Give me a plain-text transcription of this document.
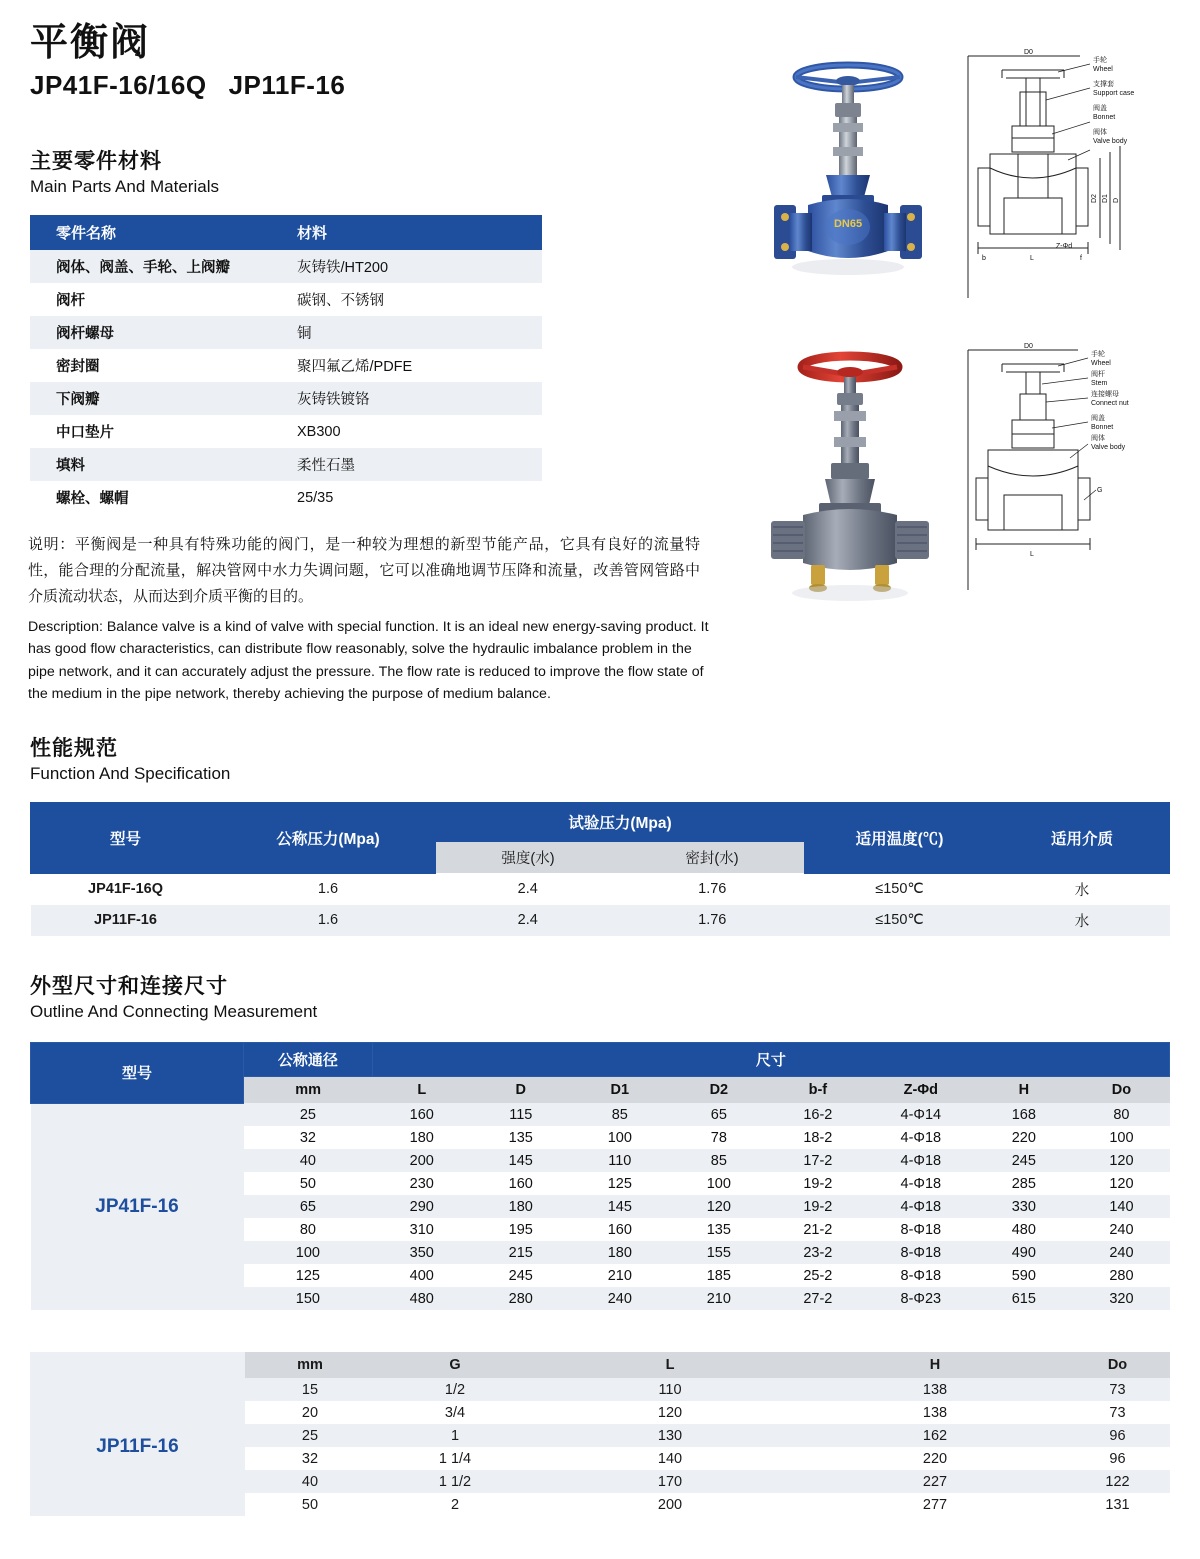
平衡阀
JP41F-16/16Q JP11F-16
主要零件材料
Main Parts And Materials
零件名称	材料
阀体、阀盖、手轮、上阀瓣	灰铸铁/HT200
阀杆	碳钢、不锈钢
阀杆螺母	铜
密封圈	聚四氟乙烯/PDFE
下阀瓣	灰铸铁镀铬
中口垫片	XB300
填料	柔性石墨
螺栓、螺帽	25/35
说明：平衡阀是一种具有特殊功能的阀门，是一种较为理想的新型节能产品，它具有良好的流量特性，能合理的分配流量，解决管网中水力失调问题，它可以准确地调节压降和流量，改善管网管路中介质流动状态，从而达到介质平衡的目的。
Description: Balance valve is a kind of valve with special function. It is an ideal new energy-saving product. It has good flow characteristics, can distribute flow reasonably, solve the hydraulic imbalance problem in the pipe network, and it can accurately adjust the pressure. The flow rate is reduced to improve the flow state of the medium in the pipe network, thereby achieving the purpose of medium balance.
DN65
D0
手轮
Wheel
支撑套
Support case
阀盖
Bonnet
阀体
Valve body
L
b	f
D2 D1 D
Z-Φd
D0
手轮
Wheel
阀杆
Stem
连接螺母
Connect nut
阀盖
Bonnet
阀体
Valve body
G
L
性能规范
Function And Specification
型号	公称压力(Mpa)	试验压力(Mpa)		适用温度(℃)	适用介质
		强度(水)	密封(水)		
JP41F-16Q	1.6	2.4	1.76	≤150℃	水
JP11F-16	1.6	2.4	1.76	≤150℃	水
外型尺寸和连接尺寸
Outline And Connecting Measurement
型号	公称通径	尺寸							
	mm	L	D	D1	D2	b-f	Z-Φd	H	Do
JP41F-16	25	160	115	85	65	16-2	4-Φ14	168	80
	32	180	135	100	78	18-2	4-Φ18	220	100
	40	200	145	110	85	17-2	4-Φ18	245	120
	50	230	160	125	100	19-2	4-Φ18	285	120
	65	290	180	145	120	19-2	4-Φ18	330	140
	80	310	195	160	135	21-2	8-Φ18	480	240
	100	350	215	180	155	23-2	8-Φ18	490	240
	125	400	245	210	185	25-2	8-Φ18	590	280
	150	480	280	240	210	27-2	8-Φ23	615	320
	mm	G	L	H	Do
JP11F-16	15	1/2	110	138	73
	20	3/4	120	138	73
	25	1	130	162	96
	32	1 1/4	140	220	96
	40	1 1/2	170	227	122
	50	2	200	277	131
